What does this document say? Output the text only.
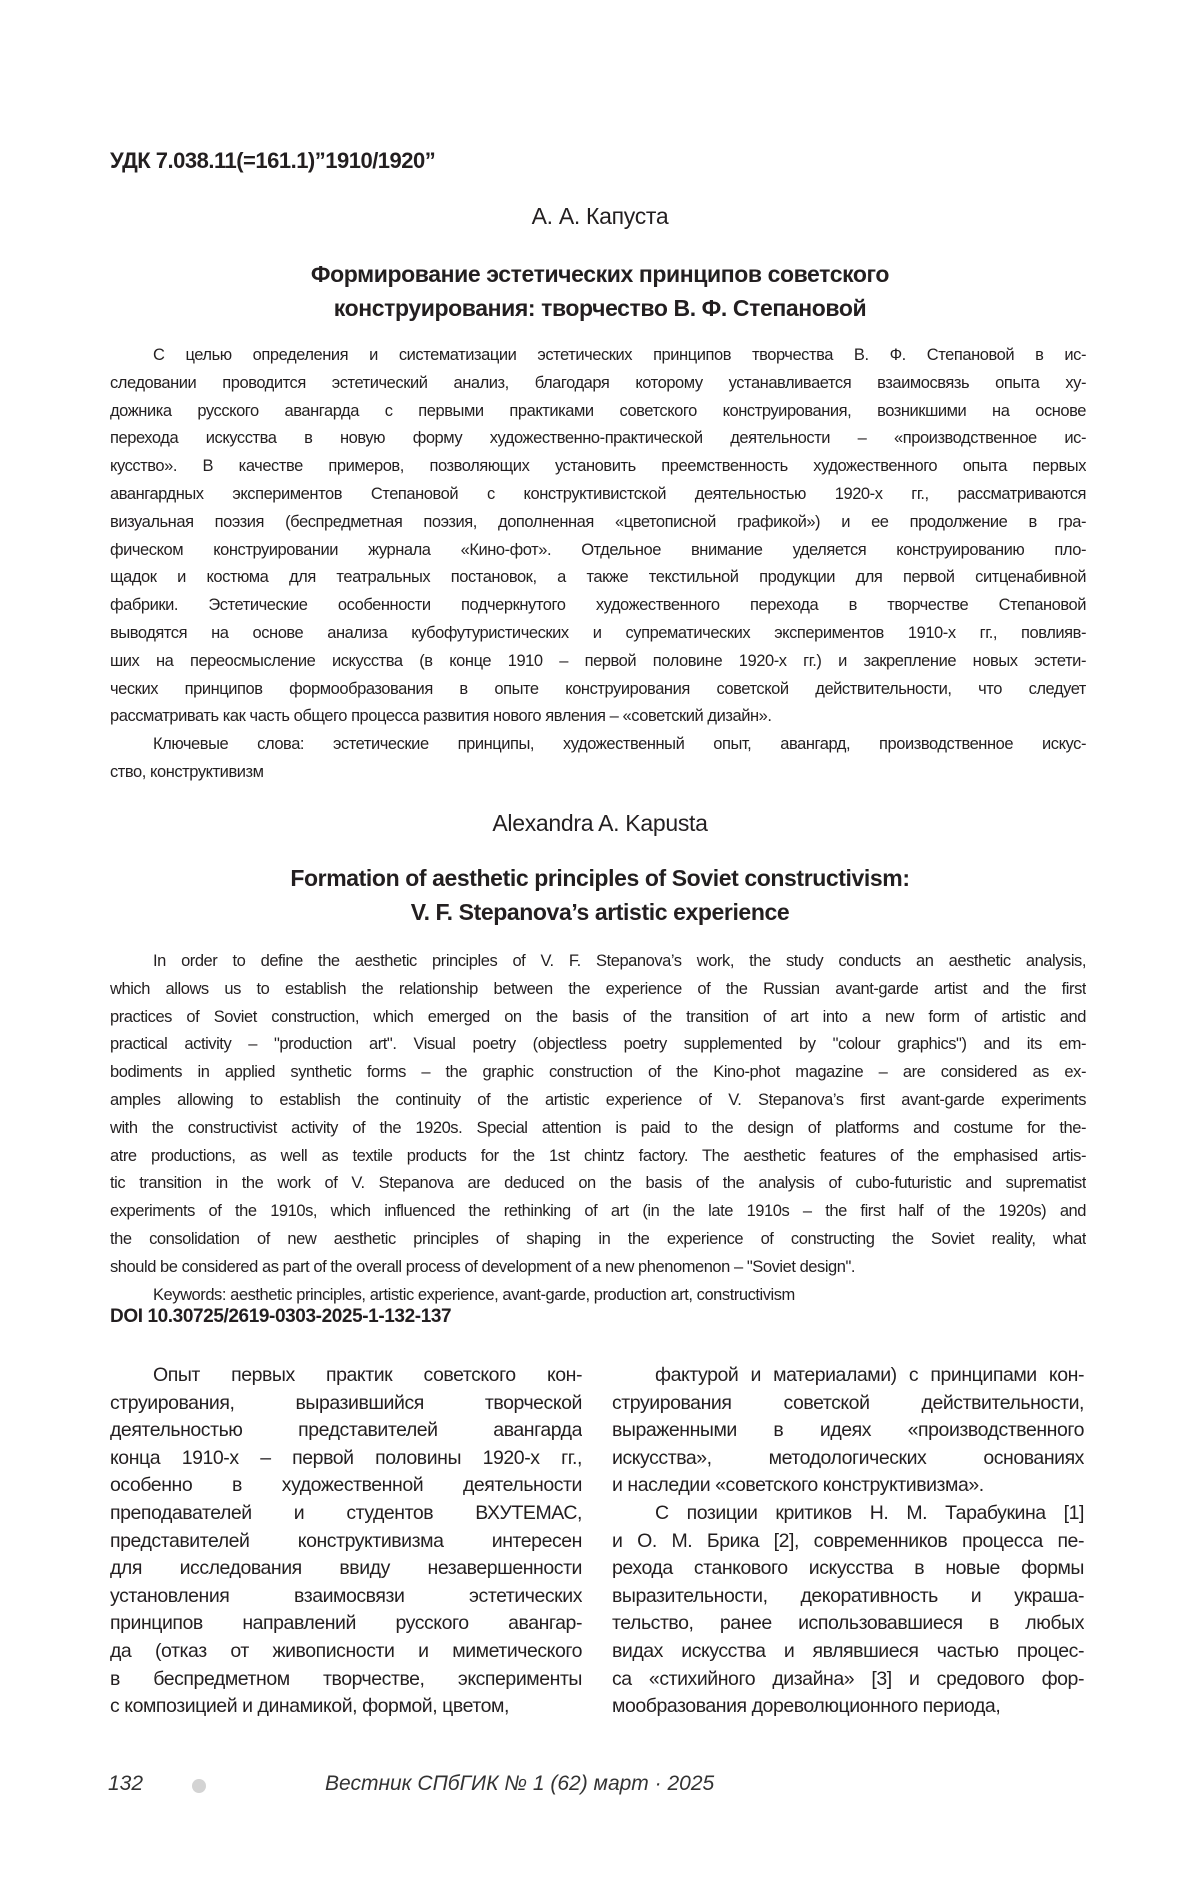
УДК 7.038.11(=161.1)”1910/1920”
А. А. Капуста
Формирование эстетических принципов советского
конструирования: творчество В. Ф. Степановой
С целью определения и систематизации эстетических принципов творчества В. Ф. Степановой в ис-
следовании проводится эстетический анализ, благодаря которому устанавливается взаимосвязь опыта ху-
дожника русского авангарда с первыми практиками советского конструирования, возникшими на основе
перехода искусства в новую форму художественно-практической деятельности – «производственное ис-
кусство». В качестве примеров, позволяющих установить преемственность художественного опыта первых
авангардных экспериментов Степановой с конструктивистской деятельностью 1920-х гг., рассматриваются
визуальная поэзия (беспредметная поэзия, дополненная «цветописной графикой») и ее продолжение в гра-
фическом конструировании журнала «Кино-фот». Отдельное внимание уделяется конструированию пло-
щадок и костюма для театральных постановок, а также текстильной продукции для первой ситценабивной
фабрики. Эстетические особенности подчеркнутого художественного перехода в творчестве Степановой
выводятся на основе анализа кубофутуристических и супрематических экспериментов 1910-х гг., повлияв-
ших на переосмысление искусства (в конце 1910 – первой половине 1920-х гг.) и закрепление новых эстети-
ческих принципов формообразования в опыте конструирования советской действительности, что следует
рассматривать как часть общего процесса развития нового явления – «советский дизайн».
Ключевые слова: эстетические принципы, художественный опыт, авангард, производственное искус-
ство, конструктивизм
Alexandra A. Kapusta
Formation of aesthetic principles of Soviet constructivism:
V. F. Stepanova’s artistic experience
In order to define the aesthetic principles of V. F. Stepanova’s work, the study conducts an aesthetic analysis,
which allows us to establish the relationship between the experience of the Russian avant-garde artist and the first
practices of Soviet construction, which emerged on the basis of the transition of art into a new form of artistic and
practical activity – "production art". Visual poetry (objectless poetry supplemented by "colour graphics") and its em-
bodiments in applied synthetic forms – the graphic construction of the Kino-phot magazine – are considered as ex-
amples allowing to establish the continuity of the artistic experience of V. Stepanova’s first avant-garde experiments
with the constructivist activity of the 1920s. Special attention is paid to the design of platforms and costume for the-
atre productions, as well as textile products for the 1st chintz factory. The aesthetic features of the emphasised artis-
tic transition in the work of V. Stepanova are deduced on the basis of the analysis of cubo-futuristic and suprematist
experiments of the 1910s, which influenced the rethinking of art (in the late 1910s – the first half of the 1920s) and
the consolidation of new aesthetic principles of shaping in the experience of constructing the Soviet reality, what
should be considered as part of the overall process of development of a new phenomenon – "Soviet design".
Keywords: aesthetic principles, artistic experience, avant-garde, production art, constructivism
DOI 10.30725/2619-0303-2025-1-132-137
Опыт первых практик советского кон-
струирования, выразившийся творческой
деятельностью представителей авангарда
конца 1910-х – первой половины 1920-х гг.,
особенно в художественной деятельности
преподавателей и студентов ВХУТЕМАС,
представителей конструктивизма интересен
для исследования ввиду незавершенности
установления взаимосвязи эстетических
принципов направлений русского авангар-
да (отказ от живописности и миметического
в беспредметном творчестве, эксперименты
с композицией и динамикой, формой, цветом,
фактурой и материалами) с принципами кон-
струирования советской действительности,
выраженными в идеях «производственного
искусства», методологических основаниях
и наследии «советского конструктивизма».
С позиции критиков Н. М. Тарабукина [1]
и О. М. Брика [2], современников процесса пе-
рехода станкового искусства в новые формы
выразительности, декоративность и украша-
тельство, ранее использовавшиеся в любых
видах искусства и являвшиеся частью процес-
са «стихийного дизайна» [3] и средового фор-
мообразования дореволюционного периода,
132	Вестник СПбГИК № 1 (62) март · 2025
